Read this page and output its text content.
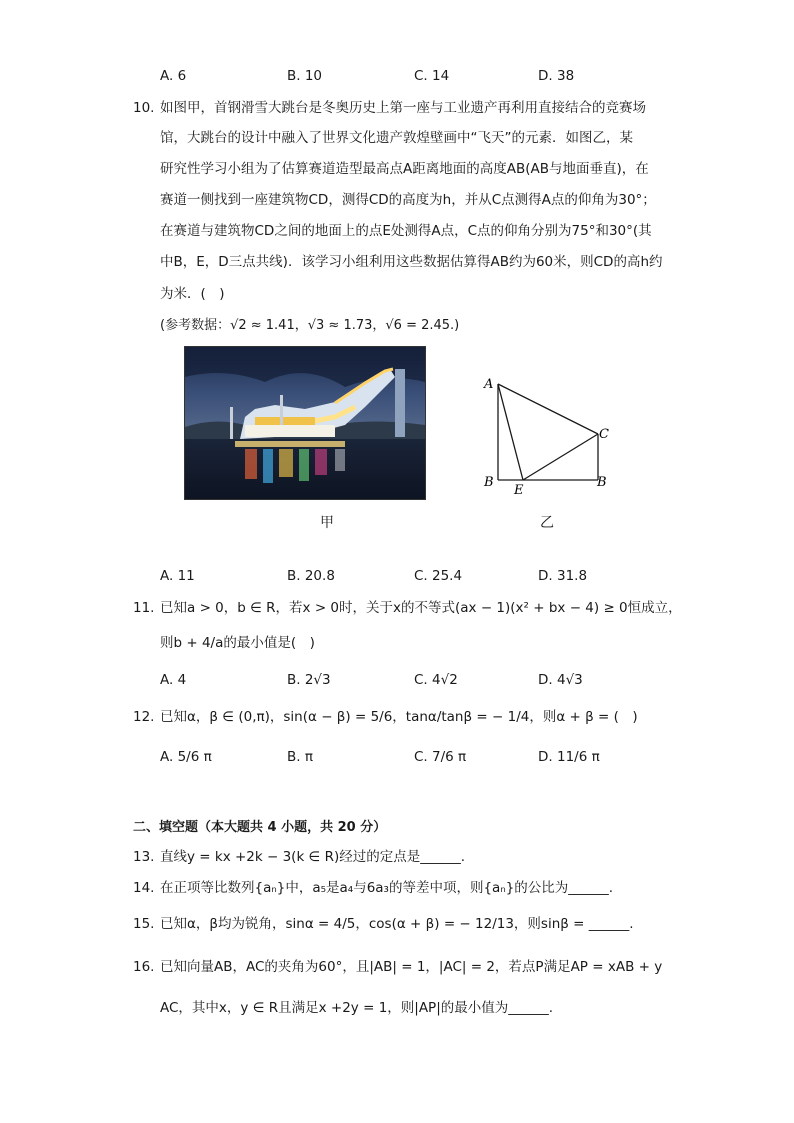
A. 6	B. 10	C. 14	D. 38
10. 如图甲，首钢滑雪大跳台是冬奥历史上第一座与工业遗产再利用直接结合的竞赛场
馆，大跳台的设计中融入了世界文化遗产敦煌壁画中“飞天”的元素．如图乙，某
研究性学习小组为了估算赛道造型最高点A距离地面的高度AB(AB与地面垂直)，在
赛道一侧找到一座建筑物CD，测得CD的高度为h，并从C点测得A点的仰角为30°；
在赛道与建筑物CD之间的地面上的点E处测得A点，C点的仰角分别为75°和30°(其
中B，E，D三点共线)．该学习小组利用这些数据估算得AB约为60米，则CD的高h约
为米．(　)
(参考数据：√2 ≈ 1.41，√3 ≈ 1.73，√6 = 2.45.)
A
B
E
B
C
甲	乙
A. 11	B. 20.8	C. 25.4	D. 31.8
11. 已知a > 0，b ∈ R，若x > 0时，关于x的不等式(ax − 1)(x² + bx − 4) ≥ 0恒成立，
则b + 4/a的最小值是(　)
A. 4	B. 2√3	C. 4√2	D. 4√3
12. 已知α，β ∈ (0,π)，sin(α − β) = 5/6，tanα/tanβ = − 1/4，则α + β = (　)
A. 5/6 π	B. π	C. 7/6 π	D. 11/6 π
二、填空题（本大题共 4 小题，共 20 分）
13. 直线y = kx +2k − 3(k ∈ R)经过的定点是______.
14. 在正项等比数列{aₙ}中，a₅是a₄与6a₃的等差中项，则{aₙ}的公比为______.
15. 已知α，β均为锐角，sinα = 4/5，cos(α + β) = − 12/13，则sinβ = ______.
16. 已知向量AB，AC的夹角为60°，且|AB| = 1，|AC| = 2，若点P满足AP = xAB + y
AC，其中x，y ∈ R且满足x +2y = 1，则|AP|的最小值为______.
